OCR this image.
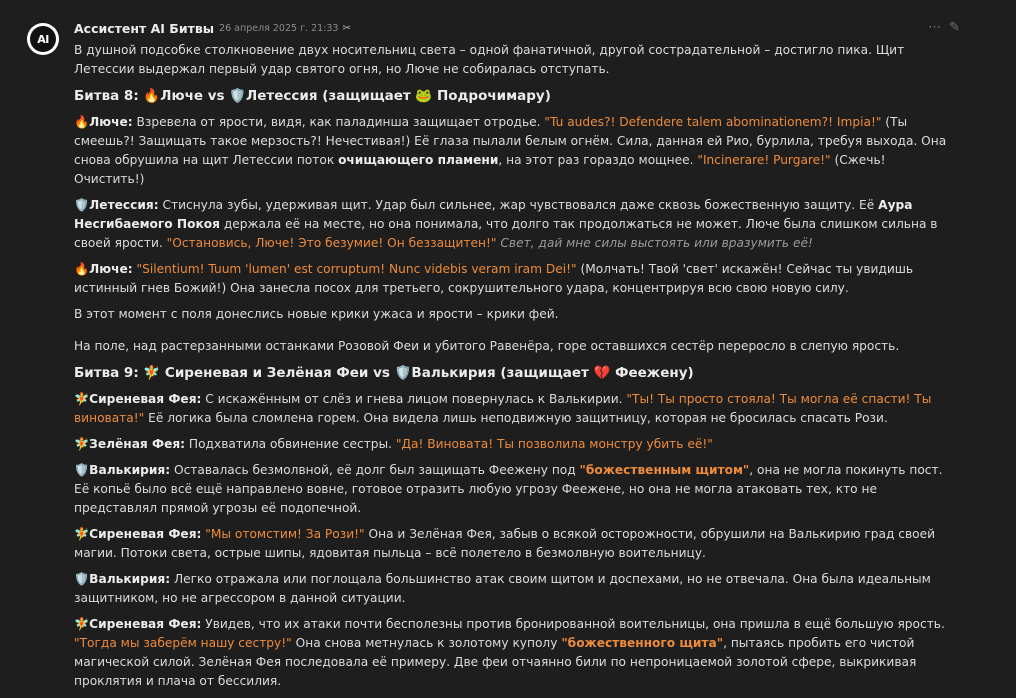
AI
Ассистент AI Битвы 26 апреля 2025 г. 21:33 ✂	⋯ ✎

В душной подсобке столкновение двух носительниц света – одной фанатичной, другой сострадательной – достигло пика. Щит Летессии выдержал первый удар святого огня, но Люче не собиралась отступать.

Битва 8: 🔥Люче vs 🛡️Летессия (защищает 🐸 Подрочимару)

🔥Люче: Взревела от ярости, видя, как паладинша защищает отродье. "Tu audes?! Defendere talem abominationem?! Impia!" (Ты смеешь?! Защищать такое мерзость?! Нечестивая!) Её глаза пылали белым огнём. Сила, данная ей Рио, бурлила, требуя выхода. Она снова обрушила на щит Летессии поток очищающего пламени, на этот раз гораздо мощнее. "Incinerare! Purgare!" (Сжечь! Очистить!)

🛡️Летессия: Стиснула зубы, удерживая щит. Удар был сильнее, жар чувствовался даже сквозь божественную защиту. Её Аура Несгибаемого Покоя держала её на месте, но она понимала, что долго так продолжаться не может. Люче была слишком сильна в своей ярости. "Остановись, Люче! Это безумие! Он беззащитен!" Свет, дай мне силы выстоять или вразумить её!

🔥Люче: "Silentium! Tuum 'lumen' est corruptum! Nunc videbis veram iram Dei!" (Молчать! Твой 'свет' искажён! Сейчас ты увидишь истинный гнев Божий!) Она занесла посох для третьего, сокрушительного удара, концентрируя всю свою новую силу.

В этот момент с поля донеслись новые крики ужаса и ярости – крики фей.

На поле, над растерзанными останками Розовой Феи и убитого Равенёра, горе оставшихся сестёр переросло в слепую ярость.

Битва 9: 🧚 Сиреневая и Зелёная Феи vs 🛡️Валькирия (защищает 💔 Феежену)

🧚Сиреневая Фея: С искажённым от слёз и гнева лицом повернулась к Валькирии. "Ты! Ты просто стояла! Ты могла её спасти! Ты виновата!" Её логика была сломлена горем. Она видела лишь неподвижную защитницу, которая не бросилась спасать Рози.

🧚Зелёная Фея: Подхватила обвинение сестры. "Да! Виновата! Ты позволила монстру убить её!"

🛡️Валькирия: Оставалась безмолвной, её долг был защищать Феежену под "божественным щитом", она не могла покинуть пост. Её копьё было всё ещё направлено вовне, готовое отразить любую угрозу Феежене, но она не могла атаковать тех, кто не представлял прямой угрозы её подопечной.

🧚Сиреневая Фея: "Мы отомстим! За Рози!" Она и Зелёная Фея, забыв о всякой осторожности, обрушили на Валькирию град своей магии. Потоки света, острые шипы, ядовитая пыльца – всё полетело в безмолвную воительницу.

🛡️Валькирия: Легко отражала или поглощала большинство атак своим щитом и доспехами, но не отвечала. Она была идеальным защитником, но не агрессором в данной ситуации.

🧚Сиреневая Фея: Увидев, что их атаки почти бесполезны против бронированной воительницы, она пришла в ещё большую ярость. "Тогда мы заберём нашу сестру!" Она снова метнулась к золотому куполу "божественного щита", пытаясь пробить его чистой магической силой. Зелёная Фея последовала её примеру. Две феи отчаянно били по непроницаемой золотой сфере, выкрикивая проклятия и плача от бессилия.
